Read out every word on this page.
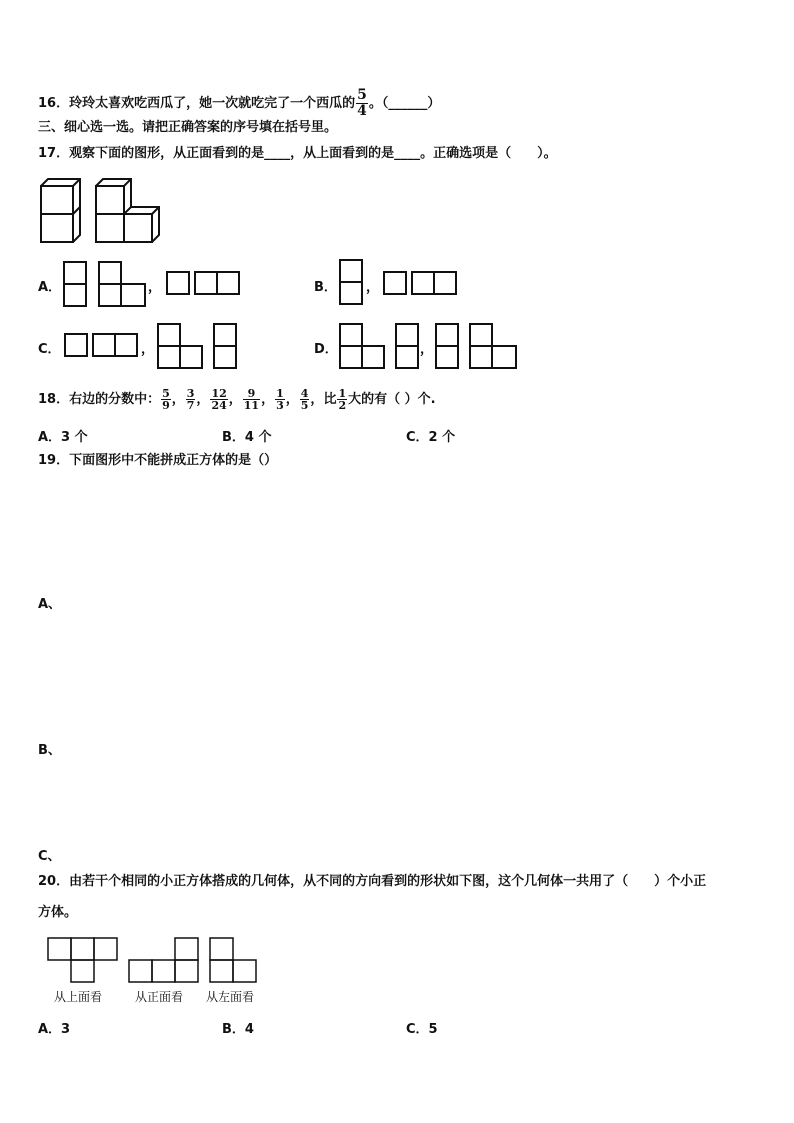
16．玲玲太喜欢吃西瓜了，她一次就吃完了一个西瓜的 $\frac{5}{4}$ 。（______）
三、细心选一选。请把正确答案的序号填在括号里。
17．观察下面的图形，从正面看到的是____，从上面看到的是____。正确选项是（　　）。
A．	，	B． ，
C．	，	D．	，
18．右边的分数中： $\frac{5}{9}$ ， $\frac{3}{7}$ ， $\frac{12}{24}$ ， $\frac{9}{11}$ ， $\frac{1}{3}$ ， $\frac{4}{5}$ ，比 $\frac{1}{2}$ 大的有（ ）个.
A．3 个	B．4 个	C．2 个
19．下面图形中不能拼成正方体的是（）
A、
B、
C、
20．由若干个相同的小正方体搭成的几何体，从不同的方向看到的形状如下图，这个几何体一共用了（　　）个小正
方体。
从上面看	从正面看 从左面看
A．3	B．4	C．5
